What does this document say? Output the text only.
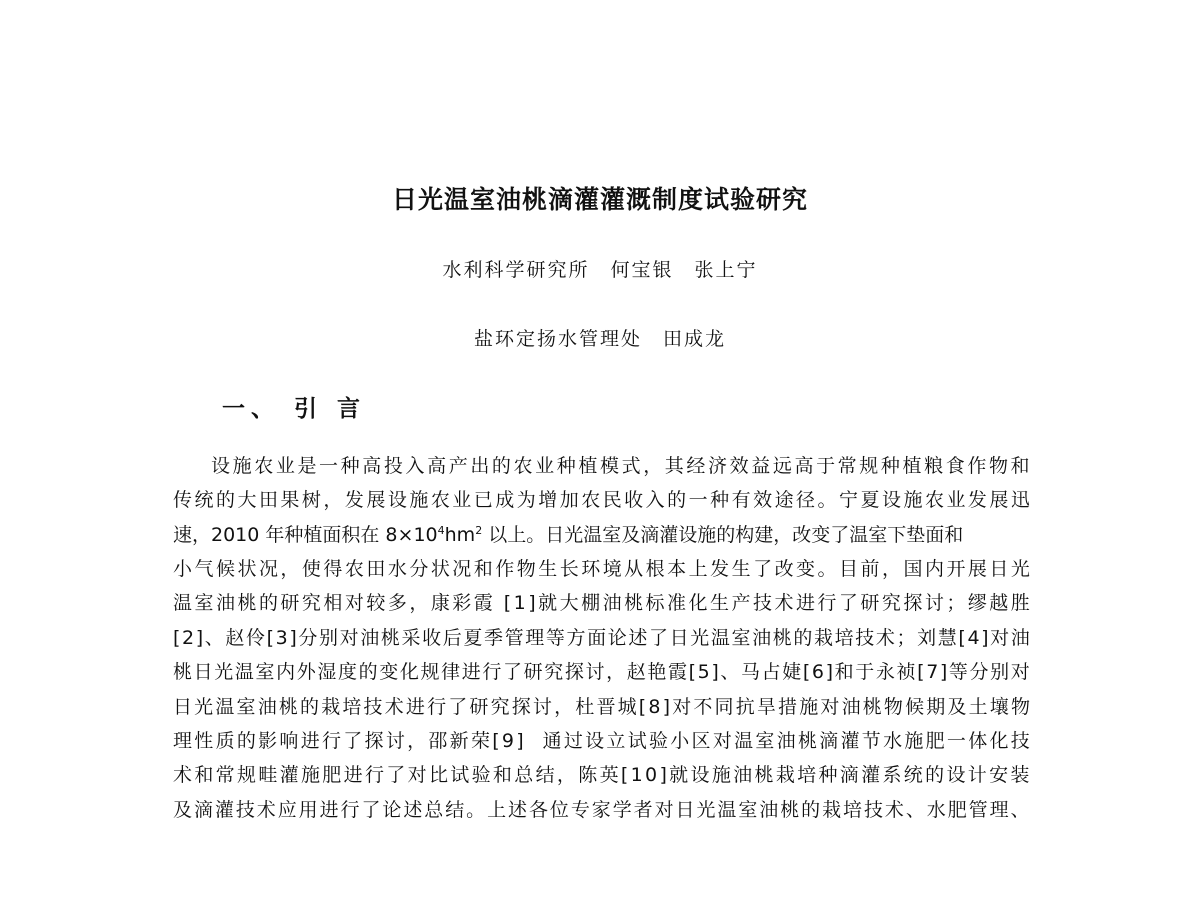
日光温室油桃滴灌灌溉制度试验研究
水利科学研究所　何宝银　张上宁
盐环定扬水管理处　田成龙
一、 引 言
设 施 农 业 是 一 种 高 投 入 高 产 出 的 农 业 种 植 模 式 ， 其 经 济 效 益 远 高 于 常 规 种 植 粮 食 作 物 和
传 统 的 大 田 果 树 ， 发 展 设 施 农 业 已 成 为 增 加 农 民 收 入 的 一 种 有 效 途 径 。 宁 夏 设 施 农 业 发 展 迅
速，2010 年种植面积在 $8\times 10^4hm^2$ 以上。日光温室及滴灌设施的构建，改变了温室下垫面和
小 气 候 状 况 ， 使 得 农 田 水 分 状 况 和 作 物 生 长 环 境 从 根 本 上 发 生 了 改 变 。 目 前 ， 国 内 开 展 日 光
温 室 油 桃 的 研 究 相 对 较 多 ， 康 彩 霞
[ 1 ] 就 大 棚 油 桃 标 准 化 生 产 技 术 进 行 了 研 究 探 讨 ； 缪 越 胜
[ 2 ] 、 赵 伶 [ 3 ] 分 别 对 油 桃 采 收 后 夏 季 管 理 等 方 面 论 述 了 日 光 温 室 油 桃 的 栽 培 技 术 ； 刘 慧 [ 4 ] 对 油
桃 日 光 温 室 内 外 湿 度 的 变 化 规 律 进 行 了 研 究 探 讨 ， 赵 艳 霞 [ 5 ] 、 马 占 婕 [ 6 ] 和 于 永 祯 [ 7 ] 等 分 别 对
日 光 温 室 油 桃 的 栽 培 技 术 进 行 了 研 究 探 讨 ， 杜 晋 城 [ 8 ] 对 不 同 抗 旱 措 施 对 油 桃 物 候 期 及 土 壤 物
理 性 质 的 影 响 进 行 了 探 讨 ， 邵 新 荣 [ 9 ]

通 过 设 立 试 验 小 区 对 温 室 油 桃 滴 灌 节 水 施 肥 一 体 化 技
术 和 常 规 畦 灌 施 肥 进 行 了 对 比 试 验 和 总 结 ， 陈 英 [ 1 0 ] 就 设 施 油 桃 栽 培 种 滴 灌 系 统 的 设 计 安 装
及 滴 灌 技 术 应 用 进 行 了 论 述 总 结 。 上 述 各 位 专 家 学 者 对 日 光 温 室 油 桃 的 栽 培 技 术 、 水 肥 管 理 、
